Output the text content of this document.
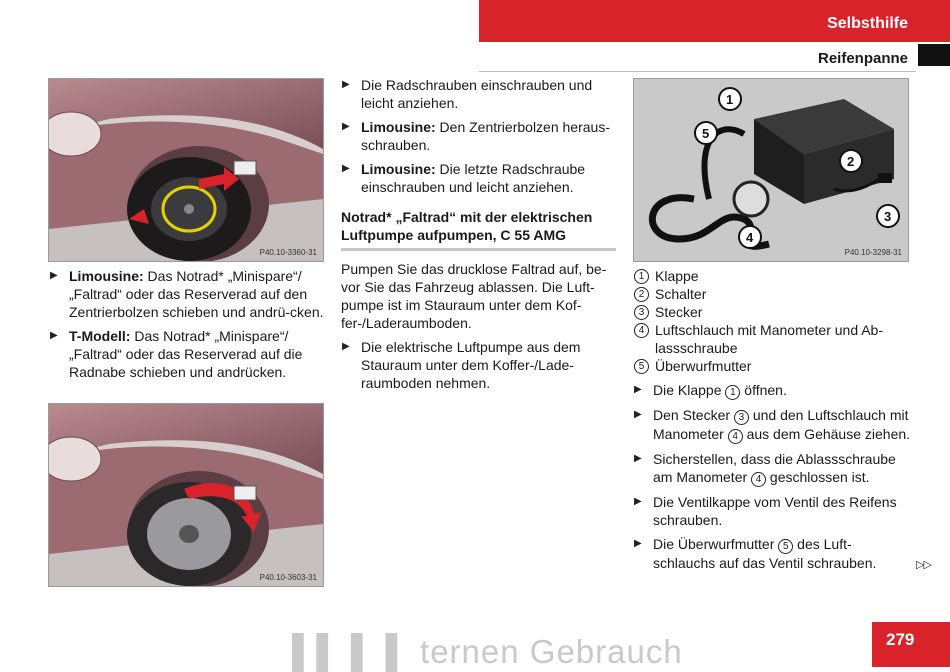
Selbsthilfe
Reifenpanne
P40.10-3360-31
P40.10-3603-31
1
2
3
4
5
P40.10-3298-31
▶ Limousine: Das Notrad* „Minispare“/ „Faltrad“ oder das Reserverad auf den Zentrierbolzen schieben und andrü-cken.
▶ T-Modell: Das Notrad* „Minispare“/ „Faltrad“ oder das Reserverad auf die Radnabe schieben und andrücken.
▶ Die Radschrauben einschrauben und leicht anziehen.
▶ Limousine: Den Zentrierbolzen heraus-schrauben.
▶ Limousine: Die letzte Radschraube einschrauben und leicht anziehen.
Notrad* „Faltrad“ mit der elektrischen Luftpumpe aufpumpen, C 55 AMG
Pumpen Sie das drucklose Faltrad auf, be-vor Sie das Fahrzeug ablassen. Die Luft-pumpe ist im Stauraum unter dem Kof-fer-/Laderaumboden.
▶ Die elektrische Luftpumpe aus dem Stauraum unter dem Koffer-/Lade-raumboden nehmen.
1 Klappe
2 Schalter
3 Stecker
4 Luftschlauch mit Manometer und Ab-lassschraube
5 Überwurfmutter
▶ Die Klappe 1 öffnen.
▶ Den Stecker 3 und den Luftschlauch mit Manometer 4 aus dem Gehäuse ziehen.
▶ Sicherstellen, dass die Ablassschraube am Manometer 4 geschlossen ist.
▶ Die Ventilkappe vom Ventil des Reifens schrauben.
▶ Die Überwurfmutter 5 des Luft-schlauchs auf das Ventil schrauben.	▷▷
▌▌ ▌ ▌ ternen Gebrauch	279
